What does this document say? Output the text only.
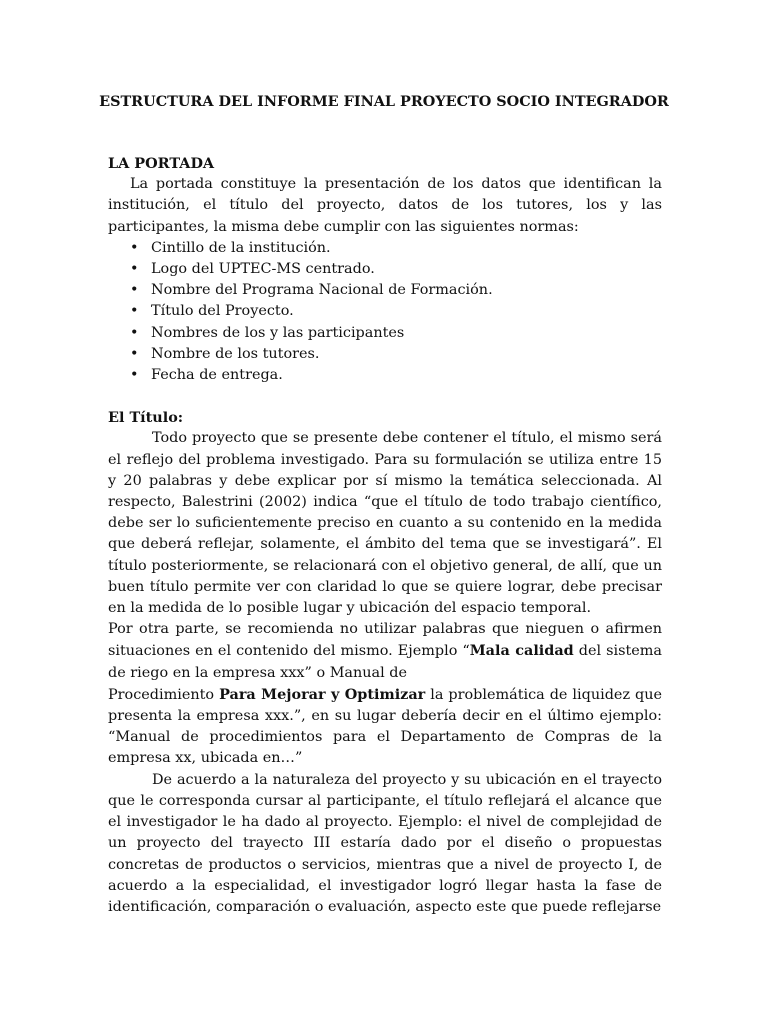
ESTRUCTURA DEL INFORME FINAL PROYECTO SOCIO INTEGRADOR
LA PORTADA

La portada constituye la presentación de los datos que identifican la institución, el título del proyecto, datos de los tutores, los y las participantes, la misma debe cumplir con las siguientes normas:

• Cintillo de la institución.
• Logo del UPTEC-MS centrado.
• Nombre del Programa Nacional de Formación.
• Título del Proyecto.
• Nombres de los y las participantes
• Nombre de los tutores.
• Fecha de entrega.
El Título:

Todo proyecto que se presente debe contener el título, el mismo será el reflejo del problema investigado. Para su formulación se utiliza entre 15 y 20 palabras y debe explicar por sí mismo la temática seleccionada. Al respecto, Balestrini (2002) indica “que el título de todo trabajo científico, debe ser lo suficientemente preciso en cuanto a su contenido en la medida que deberá reflejar, solamente, el ámbito del tema que se investigará”. El título posteriormente, se relacionará con el objetivo general, de allí, que un buen título permite ver con claridad lo que se quiere lograr, debe precisar en la medida de lo posible lugar y ubicación del espacio temporal.

Por otra parte, se recomienda no utilizar palabras que nieguen o afirmen situaciones en el contenido del mismo. Ejemplo “Mala calidad del sistema de riego en la empresa xxx” o Manual de

Procedimiento Para Mejorar y Optimizar la problemática de liquidez que presenta la empresa xxx.”, en su lugar debería decir en el último ejemplo: “Manual de procedimientos para el Departamento de Compras de la empresa xx, ubicada en…”

De acuerdo a la naturaleza del proyecto y su ubicación en el trayecto que le corresponda cursar al participante, el título reflejará el alcance que el investigador le ha dado al proyecto. Ejemplo: el nivel de complejidad de un proyecto del trayecto III estaría dado por el diseño o propuestas concretas de productos o servicios, mientras que a nivel de proyecto I, de acuerdo a la especialidad, el investigador logró llegar hasta la fase de identificación, comparación o evaluación, aspecto este que puede reflejarse
